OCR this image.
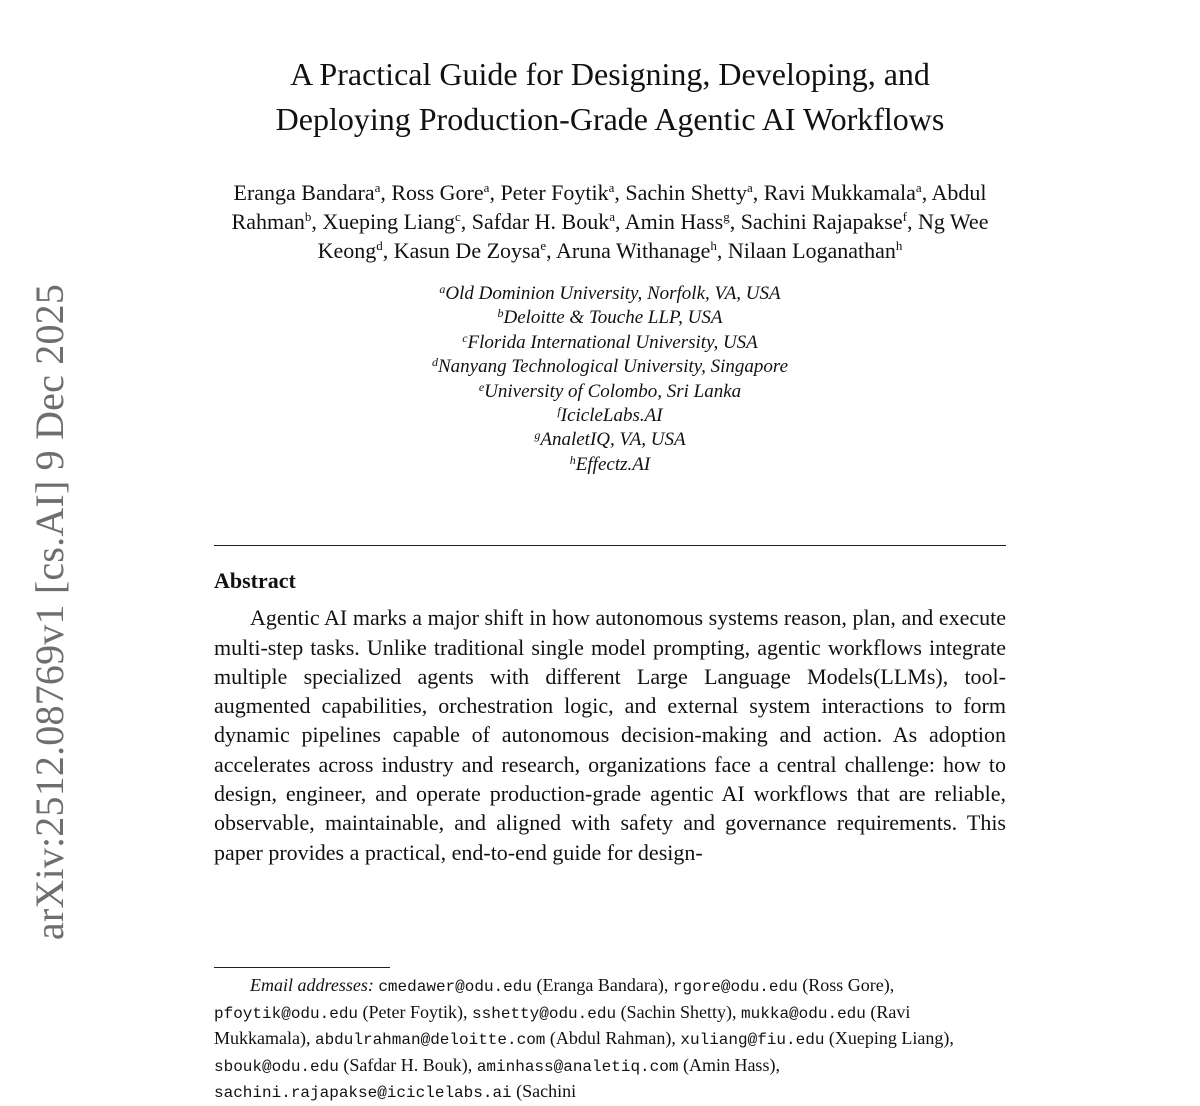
arXiv:2512.08769v1 [cs.AI] 9 Dec 2025
A Practical Guide for Designing, Developing, and
Deploying Production-Grade Agentic AI Workflows
Eranga Bandara$^a$, Ross Gore$^a$, Peter Foytik$^a$, Sachin Shetty$^a$, Ravi Mukkamala$^a$, Abdul Rahman$^b$, Xueping Liang$^c$, Safdar H. Bouk$^a$, Amin Hass$^g$, Sachini Rajapakse$^f$, Ng Wee Keong$^d$, Kasun De Zoysa$^e$, Aruna Withanage$^h$, Nilaan Loganathan$^h$
$^a$Old Dominion University, Norfolk, VA, USA
$^b$Deloitte & Touche LLP, USA
$^c$Florida International University, USA
$^d$Nanyang Technological University, Singapore
$^e$University of Colombo, Sri Lanka
$^f$IcicleLabs.AI
$^g$AnaletIQ, VA, USA
$^h$Effectz.AI
Abstract
Agentic AI marks a major shift in how autonomous systems reason, plan, and execute multi-step tasks. Unlike traditional single model prompting, agentic workflows integrate multiple specialized agents with different Large Language Models(LLMs), tool-augmented capabilities, orchestration logic, and external system interactions to form dynamic pipelines capable of autonomous decision-making and action. As adoption accelerates across industry and research, organizations face a central challenge: how to design, engineer, and operate production-grade agentic AI workflows that are reliable, observable, maintainable, and aligned with safety and governance requirements. This paper provides a practical, end-to-end guide for design-
Email addresses: cmedawer@odu.edu (Eranga Bandara), rgore@odu.edu (Ross Gore), pfoytik@odu.edu (Peter Foytik), sshetty@odu.edu (Sachin Shetty), mukka@odu.edu (Ravi Mukkamala), abdulrahman@deloitte.com (Abdul Rahman), xuliang@fiu.edu (Xueping Liang), sbouk@odu.edu (Safdar H. Bouk), aminhass@analetiq.com (Amin Hass), sachini.rajapakse@iciclelabs.ai (Sachini
